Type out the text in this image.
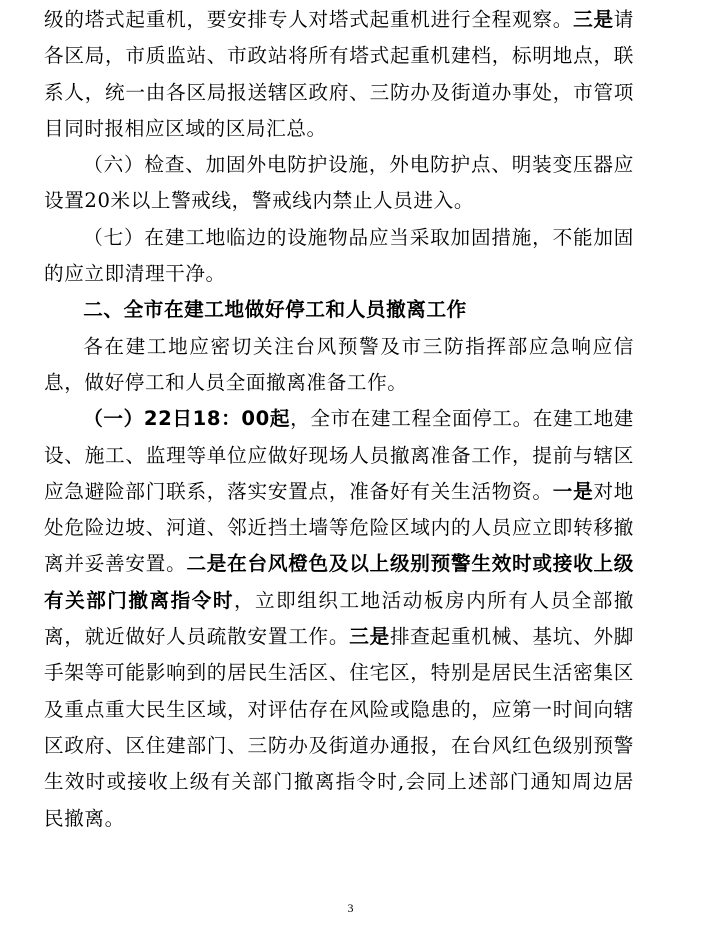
级的塔式起重机，要安排专人对塔式起重机进行全程观察。三是请各区局，市质监站、市政站将所有塔式起重机建档，标明地点，联系人，统一由各区局报送辖区政府、三防办及街道办事处，市管项目同时报相应区域的区局汇总。

（六）检查、加固外电防护设施，外电防护点、明装变压器应设置20米以上警戒线，警戒线内禁止人员进入。

（七）在建工地临边的设施物品应当采取加固措施，不能加固的应立即清理干净。

二、全市在建工地做好停工和人员撤离工作

各在建工地应密切关注台风预警及市三防指挥部应急响应信息，做好停工和人员全面撤离准备工作。

（一）22日18：00起，全市在建工程全面停工。在建工地建设、施工、监理等单位应做好现场人员撤离准备工作，提前与辖区应急避险部门联系，落实安置点，准备好有关生活物资。一是对地处危险边坡、河道、邻近挡土墙等危险区域内的人员应立即转移撤离并妥善安置。二是在台风橙色及以上级别预警生效时或接收上级有关部门撤离指令时，立即组织工地活动板房内所有人员全部撤离，就近做好人员疏散安置工作。三是排查起重机械、基坑、外脚手架等可能影响到的居民生活区、住宅区，特别是居民生活密集区及重点重大民生区域，对评估存在风险或隐患的，应第一时间向辖区政府、区住建部门、三防办及街道办通报，在台风红色级别预警生效时或接收上级有关部门撤离指令时,会同上述部门通知周边居民撤离。

3
